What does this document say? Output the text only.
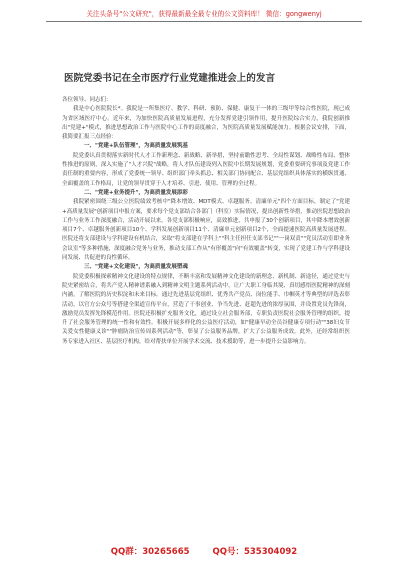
关注头条号"公文研究"，获得最新最全最专业的公文资料库！ 微信：gongwenyj
医院党委书记在全市医疗行业党建推进会上的发言

各位领导、同志们：

我是中心医院院长*。我院是一所集医疗、教学、科研、预防、保健、康复于一体的三级甲等综合性医院，现已成为省区域医疗中心。近年来，为加快医院高质量发展进程，充分发挥党建引领作用，提升医院综合实力，我院创新推出"党建+"模式，推进思想政治工作与医院中心工作的高度融合，为医院高质量发展赋能加力。根据会议安排，下面，我简要汇报三点经验：

一、"党建+队伍管理"，为高质量发展筑基

院党委认真贯彻落实新时代人才工作新理念、新战略、新举措，坚持前瞻性思考、全局性谋划、战略性布局、整体性推进的原则，深入实施了"人才兴院"战略，将人才队伍建设列入医院中长期发展规划，党委重要研究事项及党建工作责任制的重要内容，形成了党委统一领导、组织部门牵头抓总、相关部门协同配合、基层党组织具体落实的横纵贯通、全面覆盖的工作格局，让党的领导贯穿于人才培养、引进、使用、管理的全过程。

二、"党建+业务提升"，为高质量发展添彩

我院紧密围绕三级公立医院绩效考核中"降本增效、MDT模式、卓越服务、清廉单元"四个方面目标，制定了"党建+高质量发展"创新项目申报方案，要求每个党支部结合各部门（科室）实际情况，提出创新性举措，推动医院思想政治工作与业务工作深度融合，活动开展以来，各党支部积极响应，高效推进，共申报了30个创新项目，其中降本增效创新项目7个、卓越服务创新项目10个、学科发展创新项目11个、清廉单元创新项目2个，全面提速医院高质量发展进程。医院还将支部建设与学科建设有机结合，采取"将支部建在学科上""科主任担任支部书记""一岗双责""党员活动室即业务会议室"等多种措施，深度融合党务与业务，推动支部工作从"有形覆盖"向"有效覆盖"转变，实现了党建工作与学科建设同发展、共促进的良性循环。

三、"党建+文化建设"，为高质量发展塑魂

院党委积极探索精神文化建设的特点规律，不断丰富和发展精神文化建设的新理念、新机制、新途径，通过党史与院史紧密结合，将共产党人精神谱系融入到精神文明主题系列活动中，让广大职工身临其境、真切感悟医院精神的深刻内涵，了解医院的历史积淀和未来目标。通过先进基层党组织、优秀共产党员、岗位能手、巾帼英才等典型的评选表彰活动，以官方公众号等搭建全渠道宣传平台，营造了干事创业、争当先进、赶超先进的浓厚氛围，并设置党员先锋岗，激励党员发挥先锋模范作用。医院还积极扩充服务文化，通过设立社会服务部，专职负责医院社会服务管理的组织，提升了社会服务管理的统一性和有效性。积极开展多样化的公益医疗活动，如"健康早动全员谷健康专项行动""38妇女节关爱女性健康义诊""肿瘤防治宣传周系列活动"等，彰显了公益服务品牌，扩大了公益服务成效。此外，还经常组织医务专家进入社区、基层医疗机构，给对帮扶单位开展学术交流、技术援助等，进一步提升公益影响力。

QQ群：30265665	QQ号：535304092
